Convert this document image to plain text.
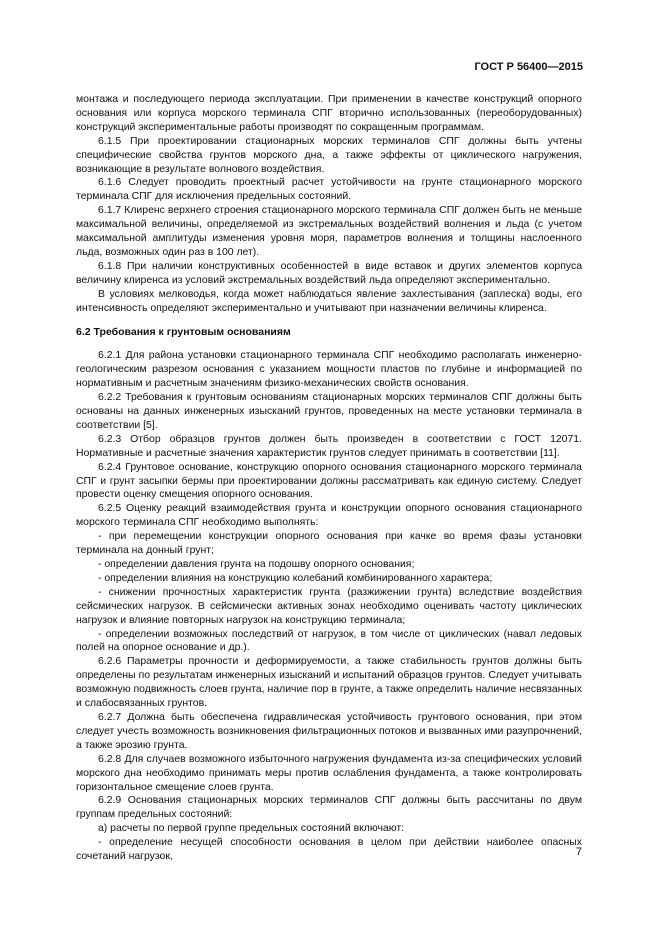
ГОСТ Р 56400—2015

монтажа и последующего периода эксплуатации. При применении в качестве конструкций опорного основания или корпуса морского терминала СПГ вторично использованных (переоборудованных) конструкций экспериментальные работы производят по сокращенным программам.

6.1.5 При проектировании стационарных морских терминалов СПГ должны быть учтены специфические свойства грунтов морского дна, а также эффекты от циклического нагружения, возникающие в результате волнового воздействия.

6.1.6 Следует проводить проектный расчет устойчивости на грунте стационарного морского терминала СПГ для исключения предельных состояний.

6.1.7 Клиренс верхнего строения стационарного морского терминала СПГ должен быть не меньше максимальной величины, определяемой из экстремальных воздействий волнения и льда (с учетом максимальной амплитуды изменения уровня моря, параметров волнения и толщины наслоенного льда, возможных один раз в 100 лет).

6.1.8 При наличии конструктивных особенностей в виде вставок и других элементов корпуса величину клиренса из условий экстремальных воздействий льда определяют экспериментально.

В условиях мелководья, когда может наблюдаться явление захлестывания (заплеска) воды, его интенсивность определяют экспериментально и учитывают при назначении величины клиренса.

6.2 Требования к грунтовым основаниям

6.2.1 Для района установки стационарного терминала СПГ необходимо располагать инженерно-геологическим разрезом основания с указанием мощности пластов по глубине и информацией по нормативным и расчетным значениям физико-механических свойств основания.

6.2.2 Требования к грунтовым основаниям стационарных морских терминалов СПГ должны быть основаны на данных инженерных изысканий грунтов, проведенных на месте установки терминала в соответствии [5].

6.2.3 Отбор образцов грунтов должен быть произведен в соответствии с ГОСТ 12071. Нормативные и расчетные значения характеристик грунтов следует принимать в соответствии [11].

6.2.4 Грунтовое основание, конструкцию опорного основания стационарного морского терминала СПГ и грунт засыпки бермы при проектировании должны рассматривать как единую систему. Следует провести оценку смещения опорного основания.

6.2.5 Оценку реакций взаимодействия грунта и конструкции опорного основания стационарного морского терминала СПГ необходимо выполнять:

- при перемещении конструкции опорного основания при качке во время фазы установки терминала на донный грунт;

- определении давления грунта на подошву опорного основания;

- определении влияния на конструкцию колебаний комбинированного характера;

- снижении прочностных характеристик грунта (разжижении грунта) вследствие воздействия сейсмических нагрузок. В сейсмически активных зонах необходимо оценивать частоту циклических нагрузок и влияние повторных нагрузок на конструкцию терминала;

- определении возможных последствий от нагрузок, в том числе от циклических (навал ледовых полей на опорное основание и др.).

6.2.6 Параметры прочности и деформируемости, а также стабильность грунтов должны быть определены по результатам инженерных изысканий и испытаний образцов грунтов. Следует учитывать возможную подвижность слоев грунта, наличие пор в грунте, а также определить наличие несвязанных и слабосвязанных грунтов.

6.2.7 Должна быть обеспечена гидравлическая устойчивость грунтового основания, при этом следует учесть возможность возникновения фильтрационных потоков и вызванных ими разупрочнений, а также эрозию грунта.

6.2.8 Для случаев возможного избыточного нагружения фундамента из-за специфических условий морского дна необходимо принимать меры против ослабления фундамента, а также контролировать горизонтальное смещение слоев грунта.

6.2.9 Основания стационарных морских терминалов СПГ должны быть рассчитаны по двум группам предельных состояний:

а) расчеты по первой группе предельных состояний включают:

- определение несущей способности основания в целом при действии наиболее опасных сочетаний нагрузок,	7
